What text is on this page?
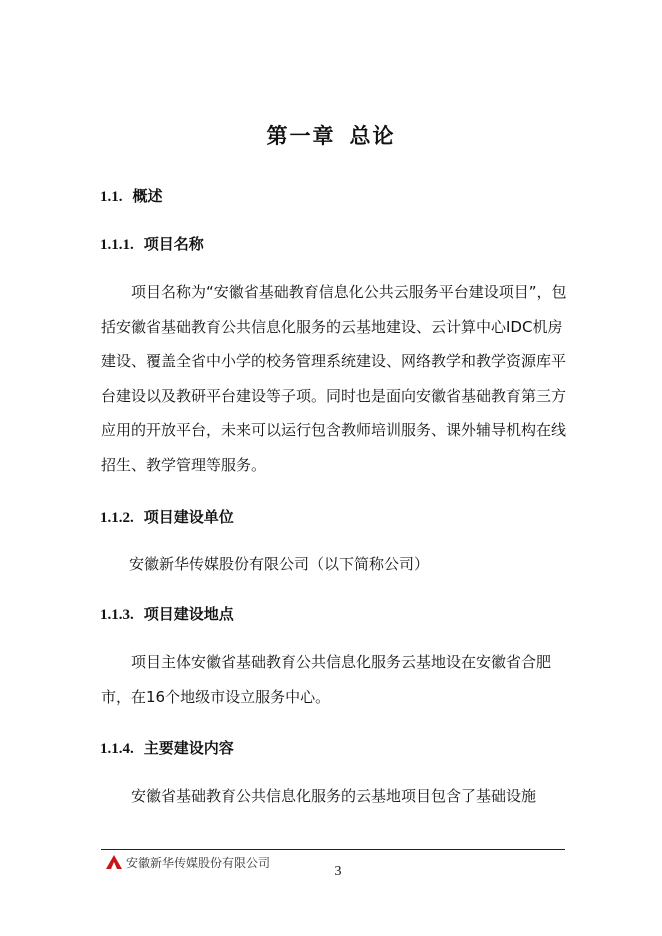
第一章 总论
1.1. 概述
1.1.1. 项目名称

项目名称为“安徽省基础教育信息化公共云服务平台建设项目”，包括安徽省基础教育公共信息化服务的云基地建设、云计算中心IDC机房建设、覆盖全省中小学的校务管理系统建设、网络教学和教学资源库平台建设以及教研平台建设等子项。同时也是面向安徽省基础教育第三方应用的开放平台，未来可以运行包含教师培训服务、课外辅导机构在线招生、教学管理等服务。

1.1.2. 项目建设单位
安徽新华传媒股份有限公司（以下简称公司）
1.1.3. 项目建设地点

项目主体安徽省基础教育公共信息化服务云基地设在安徽省合肥市，在16个地级市设立服务中心。

1.1.4. 主要建设内容

安徽省基础教育公共信息化服务的云基地项目包含了基础设施

安徽新华传媒股份有限公司
3
